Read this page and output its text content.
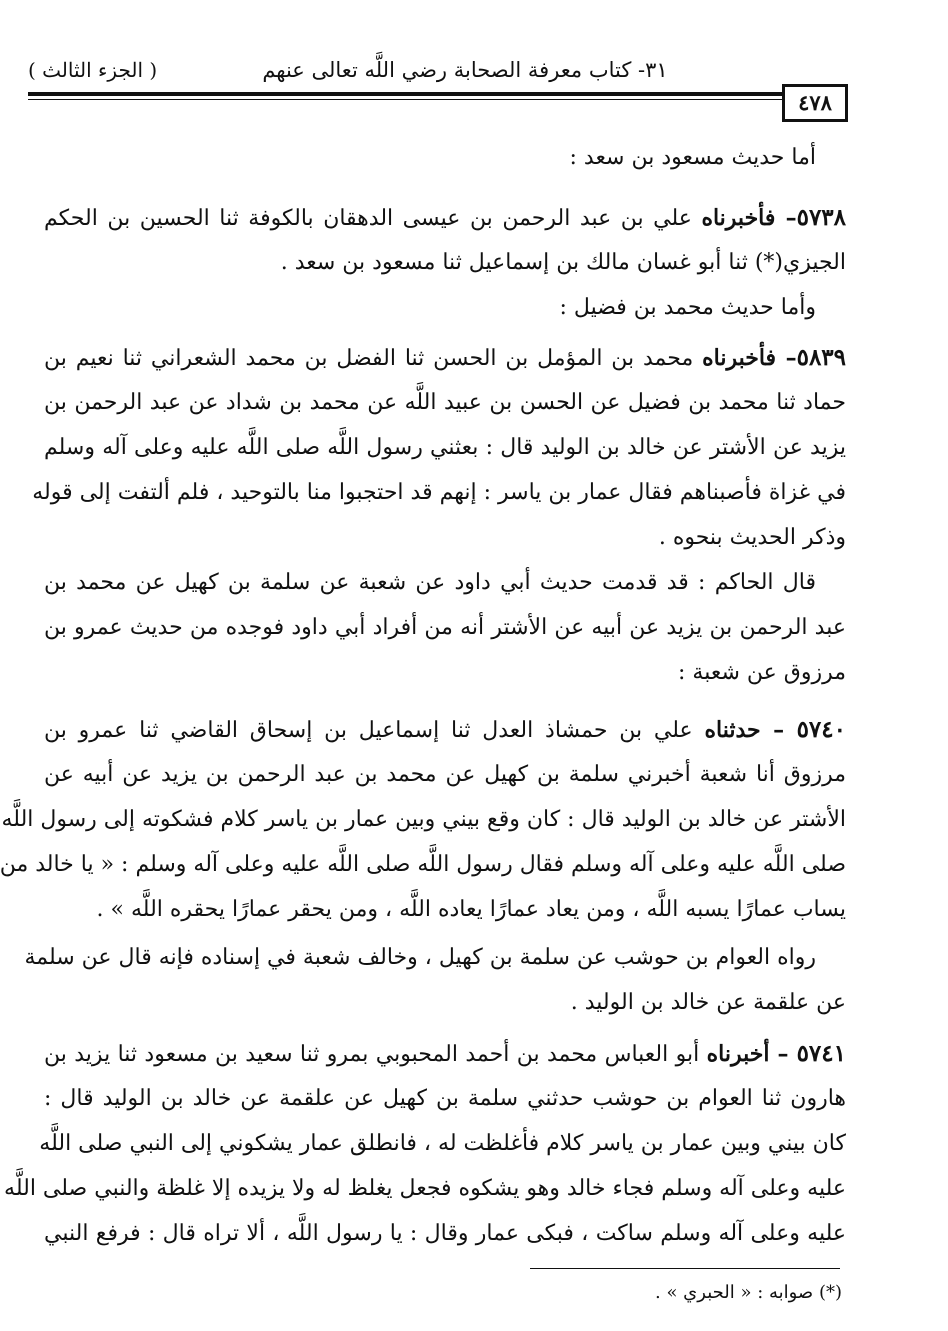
( الجزء الثالث )	٣١- كتاب معرفة الصحابة رضي اللَّه تعالى عنهم
٤٧٨
أما حديث مسعود بن سعد :
٥٧٣٨– فأخبرناه علي بن عبد الرحمن بن عيسى الدهقان بالكوفة ثنا الحسين بن الحكم
الجيزي(*) ثنا أبو غسان مالك بن إسماعيل ثنا مسعود بن سعد .
وأما حديث محمد بن فضيل :
٥٨٣٩– فأخبرناه محمد بن المؤمل بن الحسن ثنا الفضل بن محمد الشعراني ثنا نعيم بن
حماد ثنا محمد بن فضيل عن الحسن بن عبيد اللَّه عن محمد بن شداد عن عبد الرحمن بن
يزيد عن الأشتر عن خالد بن الوليد قال : بعثني رسول اللَّه صلى اللَّه عليه وعلى آله وسلم
في غزاة فأصبناهم فقال عمار بن ياسر : إنهم قد احتجبوا منا بالتوحيد ، فلم ألتفت إلى قوله
وذكر الحديث بنحوه .
قال الحاكم : قد قدمت حديث أبي داود عن شعبة عن سلمة بن كهيل عن محمد بن
عبد الرحمن بن يزيد عن أبيه عن الأشتر أنه من أفراد أبي داود فوجده من حديث عمرو بن
مرزوق عن شعبة :
٥٧٤٠ – حدثناه علي بن حمشاذ العدل ثنا إسماعيل بن إسحاق القاضي ثنا عمرو بن
مرزوق أنا شعبة أخبرني سلمة بن كهيل عن محمد بن عبد الرحمن بن يزيد عن أبيه عن
الأشتر عن خالد بن الوليد قال : كان وقع بيني وبين عمار بن ياسر كلام فشكوته إلى رسول اللَّه
صلى اللَّه عليه وعلى آله وسلم فقال رسول اللَّه صلى اللَّه عليه وعلى آله وسلم : « يا خالد من
يساب عمارًا يسبه اللَّه ، ومن يعاد عمارًا يعاده اللَّه ، ومن يحقر عمارًا يحقره اللَّه » .
رواه العوام بن حوشب عن سلمة بن كهيل ، وخالف شعبة في إسناده فإنه قال عن سلمة
عن علقمة عن خالد بن الوليد .
٥٧٤١ – أخبرناه أبو العباس محمد بن أحمد المحبوبي بمرو ثنا سعيد بن مسعود ثنا يزيد بن
هارون ثنا العوام بن حوشب حدثني سلمة بن كهيل عن علقمة عن خالد بن الوليد قال :
كان بيني وبين عمار بن ياسر كلام فأغلظت له ، فانطلق عمار يشكوني إلى النبي صلى اللَّه
عليه وعلى آله وسلم فجاء خالد وهو يشكوه فجعل يغلظ له ولا يزيده إلا غلظة والنبي صلى اللَّه
عليه وعلى آله وسلم ساكت ، فبكى عمار وقال : يا رسول اللَّه ، ألا تراه قال : فرفع النبي
(*) صوابه : « الحبري » .
